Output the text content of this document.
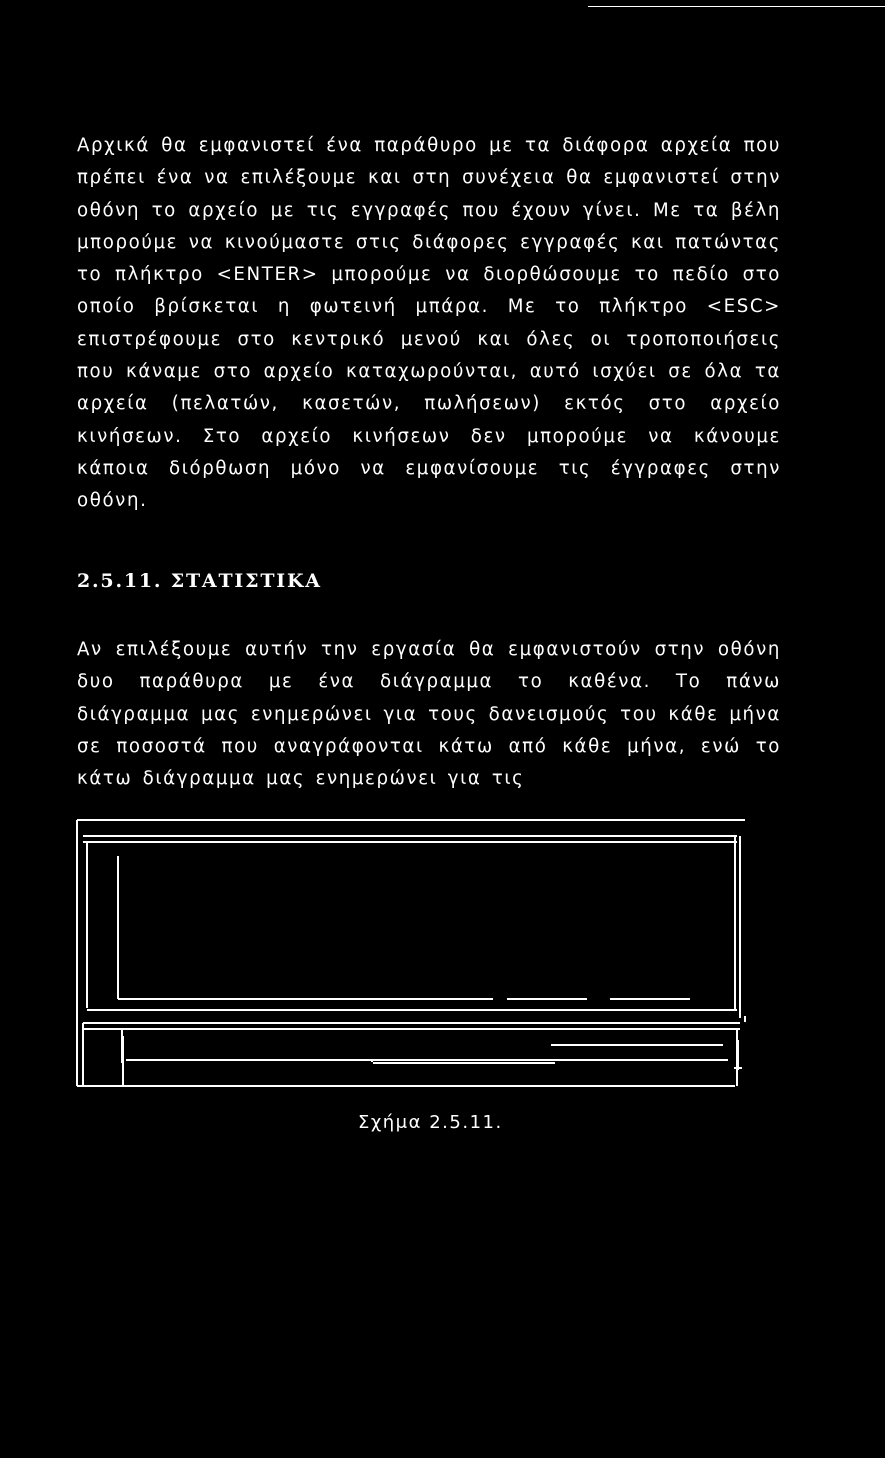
Αρχικά θα εμφανιστεί ένα παράθυρο με τα διάφορα αρχεία που πρέπει ένα να επιλέξουμε και στη συνέχεια θα εμφανιστεί στην οθόνη το αρχείο με τις εγγραφές που έχουν γίνει. Με τα βέλη μπορούμε να κινούμαστε στις διάφορες εγγραφές και πατώντας το πλήκτρο <ENTER> μπορούμε να διορθώσουμε το πεδίο στο οποίο βρίσκεται η φωτεινή μπάρα. Με το πλήκτρο <ESC> επιστρέφουμε στο κεντρικό μενού και όλες οι τροποποιήσεις που κάναμε στο αρχείο καταχωρούνται, αυτό ισχύει σε όλα τα αρχεία (πελατών, κασετών, πωλήσεων) εκτός στο αρχείο κινήσεων. Στο αρχείο κινήσεων δεν μπορούμε να κάνουμε κάποια διόρθωση μόνο να εμφανίσουμε τις έγγραφες στην οθόνη.

2.5.11. ΣΤΑΤΙΣΤΙΚΑ

Αν επιλέξουμε αυτήν την εργασία θα εμφανιστούν στην οθόνη δυο παράθυρα με ένα διάγραμμα το καθένα. Το πάνω διάγραμμα μας ενημερώνει για τους δανεισμούς του κάθε μήνα σε ποσοστά που αναγράφονται κάτω από κάθε μήνα, ενώ το κάτω διάγραμμα μας ενημερώνει για τις

Σχήμα 2.5.11.
